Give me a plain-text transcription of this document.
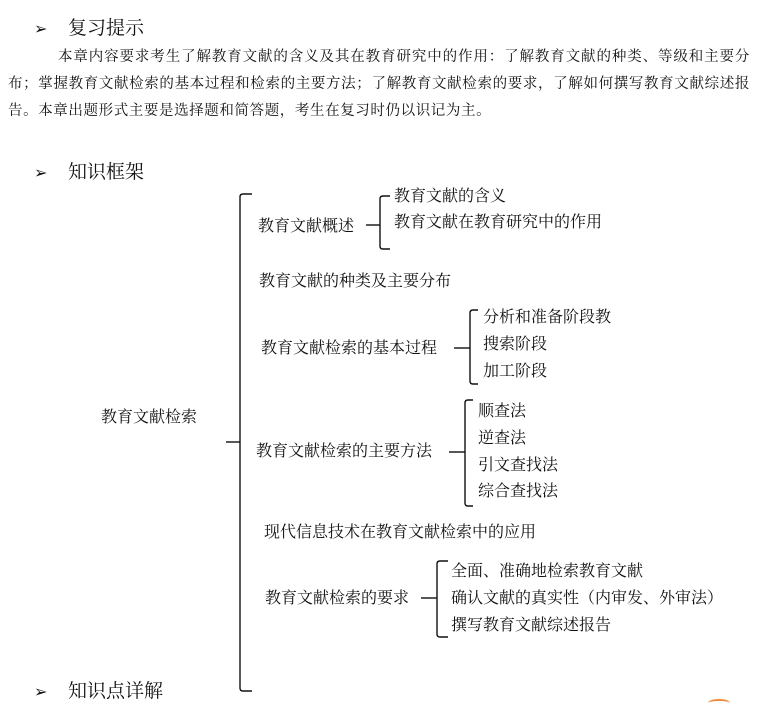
➢ 复习提示
本章内容要求考生了解教育文献的含义及其在教育研究中的作用：了解教育文献的种类、等级和主要分布；掌握教育文献检索的基本过程和检索的主要方法；了解教育文献检索的要求，了解如何撰写教育文献综述报告。本章出题形式主要是选择题和简答题，考生在复习时仍以识记为主。
➢ 知识框架
➢ 知识点详解
教育文献检索
教育文献概述
教育文献的含义
教育文献在教育研究中的作用
教育文献的种类及主要分布
教育文献检索的基本过程
分析和准备阶段教
搜索阶段
加工阶段
教育文献检索的主要方法
顺查法
逆查法
引文查找法
综合查找法
现代信息技术在教育文献检索中的应用
教育文献检索的要求
全面、准确地检索教育文献
确认文献的真实性（内审发、外审法）
撰写教育文献综述报告
